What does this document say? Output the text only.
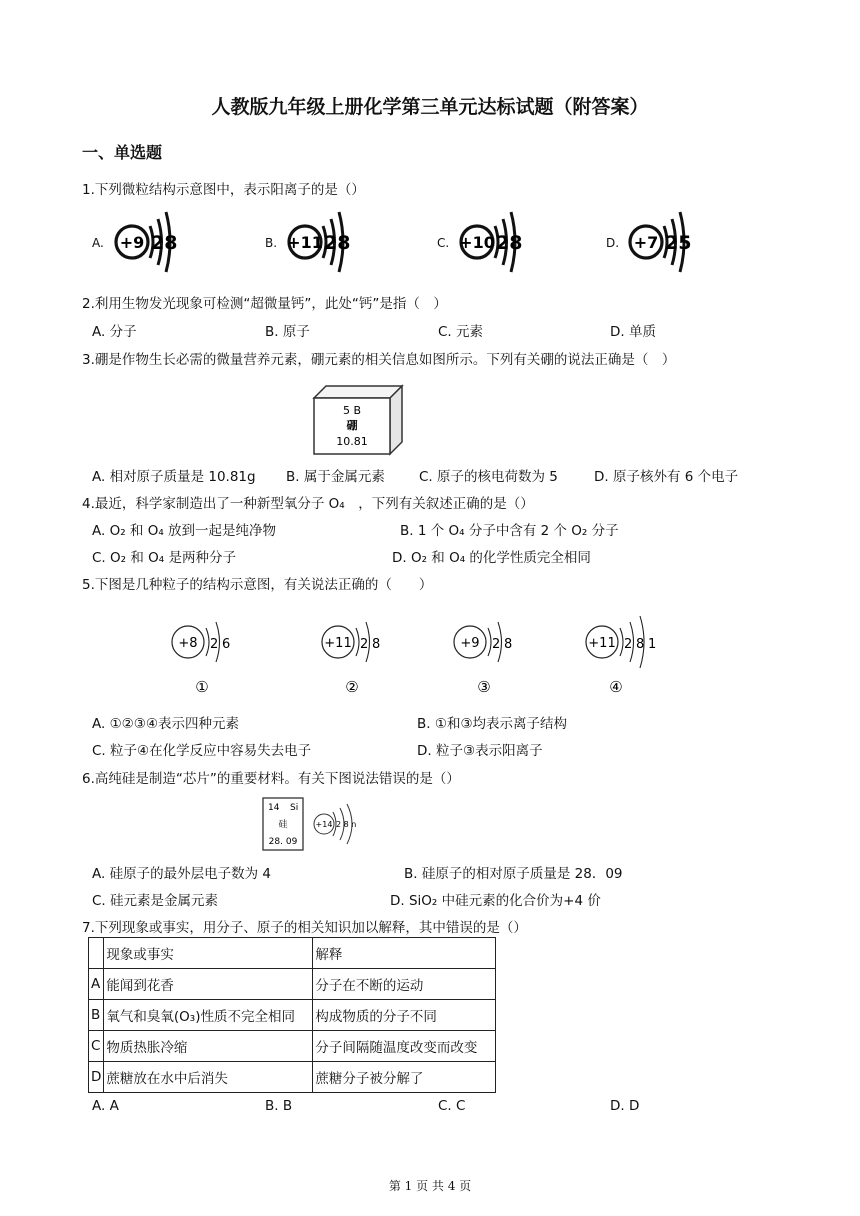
人教版九年级上册化学第三单元达标试题（附答案）
一、单选题
1.下列微粒结构示意图中，表示阳离子的是（）
A. +9 28	B. +11 28	C. +10 28	D. +7 25
2.利用生物发光现象可检测“超微量钙”，此处“钙”是指（　）
A. 分子	B. 原子	C. 元素	D. 单质
3.硼是作物生长必需的微量营养元素，硼元素的相关信息如图所示。下列有关硼的说法正确是（　）
5 B
硼
10.81
A. 相对原子质量是 10.81g B. 属于金属元素	C. 原子的核电荷数为 5	D. 原子核外有 6 个电子
4.最近，科学家制造出了一种新型氧分子 O₄　，下列有关叙述正确的是（）
A. O₂ 和 O₄ 放到一起是纯净物	B. 1 个 O₄ 分子中含有 2 个 O₂ 分子
C. O₂ 和 O₄ 是两种分子	D. O₂ 和 O₄ 的化学性质完全相同
5.下图是几种粒子的结构示意图，有关说法正确的（　　）
+8 2 6
①
+11 2 8
②
+9 2 8
③
+11 2 8 1
④
A. ①②③④表示四种元素	B. ①和③均表示离子结构
C. 粒子④在化学反应中容易失去电子	D. 粒子③表示阳离子
6.高纯硅是制造“芯片”的重要材料。有关下图说法错误的是（）
14 Si
硅
28. 09
+14 2 8 n
A. 硅原子的最外层电子数为 4	B. 硅原子的相对原子质量是 28．09
C. 硅元素是金属元素	D. SiO₂ 中硅元素的化合价为+4 价
7.下列现象或事实，用分子、原子的相关知识加以解释，其中错误的是（）
	现象或事实	解释
A	能闻到花香	分子在不断的运动
B	氧气和臭氧(O₃)性质不完全相同	构成物质的分子不同
C	物质热胀冷缩	分子间隔随温度改变而改变
D	蔗糖放在水中后消失	蔗糖分子被分解了
A. A	B. B	C. C	D. D
第 1 页 共 4 页
